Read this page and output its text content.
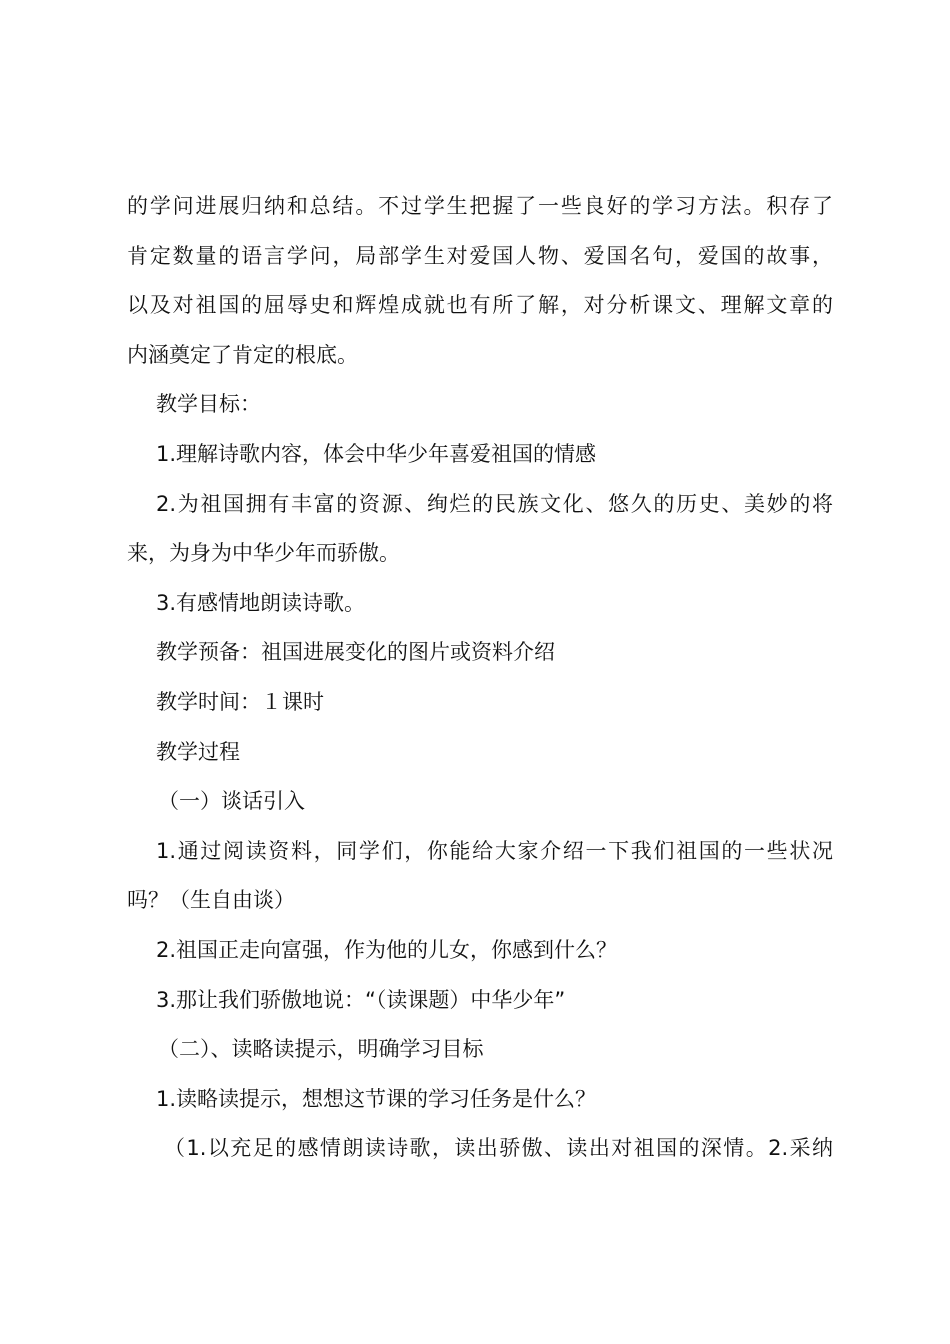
的学问进展归纳和总结。不过学生把握了一些良好的学习方法。积存了
肯定数量的语言学问，局部学生对爱国人物、爱国名句，爱国的故事，
以及对祖国的屈辱史和辉煌成就也有所了解，对分析课文、理解文章的
内涵奠定了肯定的根底。
教学目标：
1.理解诗歌内容，体会中华少年喜爱祖国的情感
2.为祖国拥有丰富的资源、绚烂的民族文化、悠久的历史、美妙的将
来，为身为中华少年而骄傲。
3.有感情地朗读诗歌。
教学预备：祖国进展变化的图片或资料介绍
教学时间：１课时
教学过程
（一）谈话引入
1.通过阅读资料，同学们，你能给大家介绍一下我们祖国的一些状况
吗？（生自由谈）
2.祖国正走向富强，作为他的儿女，你感到什么？
3.那让我们骄傲地说：“（读课题）中华少年”
（二）、读略读提示，明确学习目标
1.读略读提示，想想这节课的学习任务是什么？
（1.以充足的感情朗读诗歌，读出骄傲、读出对祖国的深情。2.采纳
